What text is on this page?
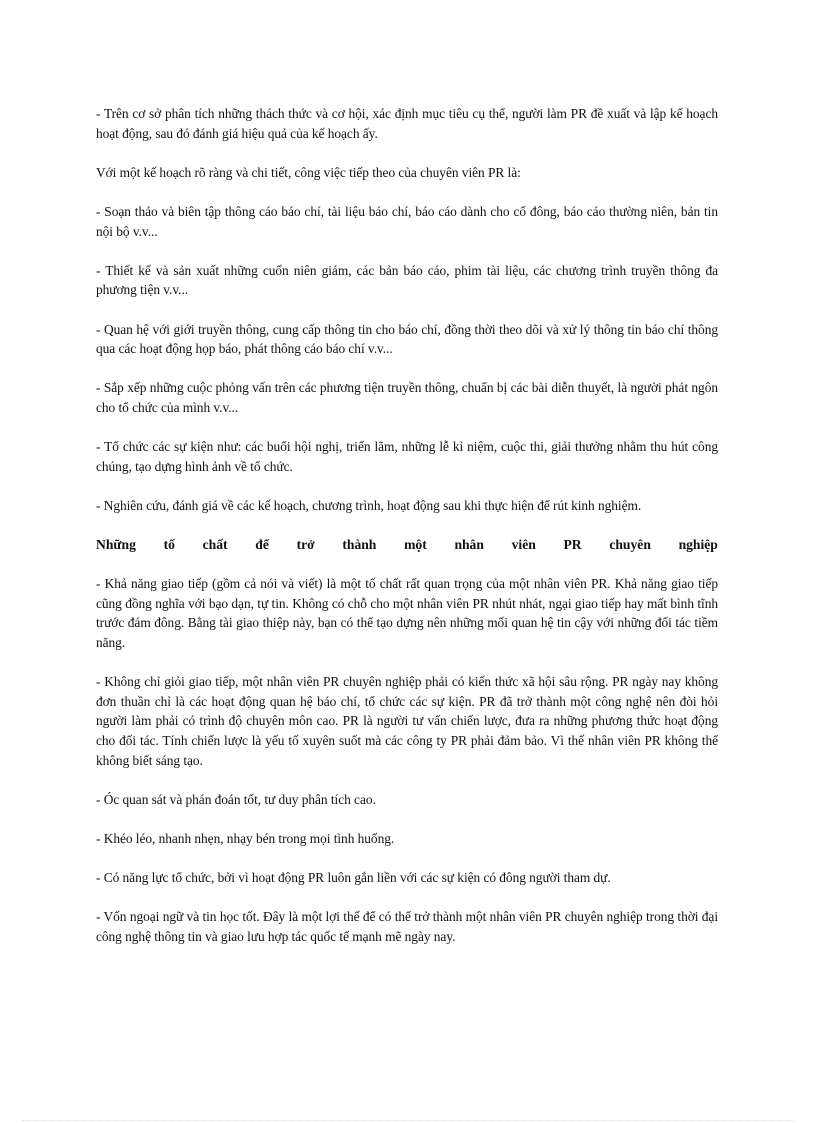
- Trên cơ sở phân tích những thách thức và cơ hội, xác định mục tiêu cụ thể, người làm PR đề xuất và lập kế hoạch hoạt động, sau đó đánh giá hiệu quả của kế hoạch ấy.

Với một kế hoạch rõ ràng và chi tiết, công việc tiếp theo của chuyên viên PR là:

- Soạn thảo và biên tập thông cáo báo chí, tài liệu báo chí, báo cáo dành cho cổ đông, báo cáo thường niên, bản tin nội bộ v.v...

- Thiết kế và sản xuất những cuốn niên giám, các bản báo cáo, phim tài liệu, các chương trình truyền thông đa phương tiện v.v...

- Quan hệ với giới truyền thông, cung cấp thông tin cho báo chí, đồng thời theo dõi và xử lý thông tin báo chí thông qua các hoạt động họp báo, phát thông cáo báo chí v.v...

- Sắp xếp những cuộc phỏng vấn trên các phương tiện truyền thông, chuẩn bị các bài diễn thuyết, là người phát ngôn cho tổ chức của mình v.v...

- Tổ chức các sự kiện như: các buổi hội nghị, triển lãm, những lễ kỉ niệm, cuộc thi, giải thưởng nhằm thu hút công chúng, tạo dựng hình ảnh về tổ chức.

- Nghiên cứu, đánh giá về các kế hoạch, chương trình, hoạt động sau khi thực hiện để rút kinh nghiệm.

Những tố chất để trở thành một nhân viên PR chuyên nghiệp

- Khả năng giao tiếp (gồm cả nói và viết) là một tố chất rất quan trọng của một nhân viên PR. Khả năng giao tiếp cũng đồng nghĩa với bạo dạn, tự tin. Không có chỗ cho một nhân viên PR nhút nhát, ngại giao tiếp hay mất bình tĩnh trước đám đông. Bằng tài giao thiệp này, bạn có thể tạo dựng nên những mối quan hệ tin cậy với những đối tác tiềm năng.

- Không chỉ giỏi giao tiếp, một nhân viên PR chuyên nghiệp phải có kiến thức xã hội sâu rộng. PR ngày nay không đơn thuần chỉ là các hoạt động quan hệ báo chí, tổ chức các sự kiện. PR đã trở thành một công nghệ nên đòi hỏi người làm phải có trình độ chuyên môn cao. PR là người tư vấn chiến lược, đưa ra những phương thức hoạt động cho đối tác. Tính chiến lược là yếu tố xuyên suốt mà các công ty PR phải đảm bảo. Vì thế nhân viên PR không thể không biết sáng tạo.

- Óc quan sát và phán đoán tốt, tư duy phân tích cao.

- Khéo léo, nhanh nhẹn, nhạy bén trong mọi tình huống.

- Có năng lực tổ chức, bởi vì hoạt động PR luôn gắn liền với các sự kiện có đông người tham dự.

- Vốn ngoại ngữ và tin học tốt. Đây là một lợi thế để có thể trở thành một nhân viên PR chuyên nghiệp trong thời đại công nghệ thông tin và giao lưu hợp tác quốc tế mạnh mẽ ngày nay.
